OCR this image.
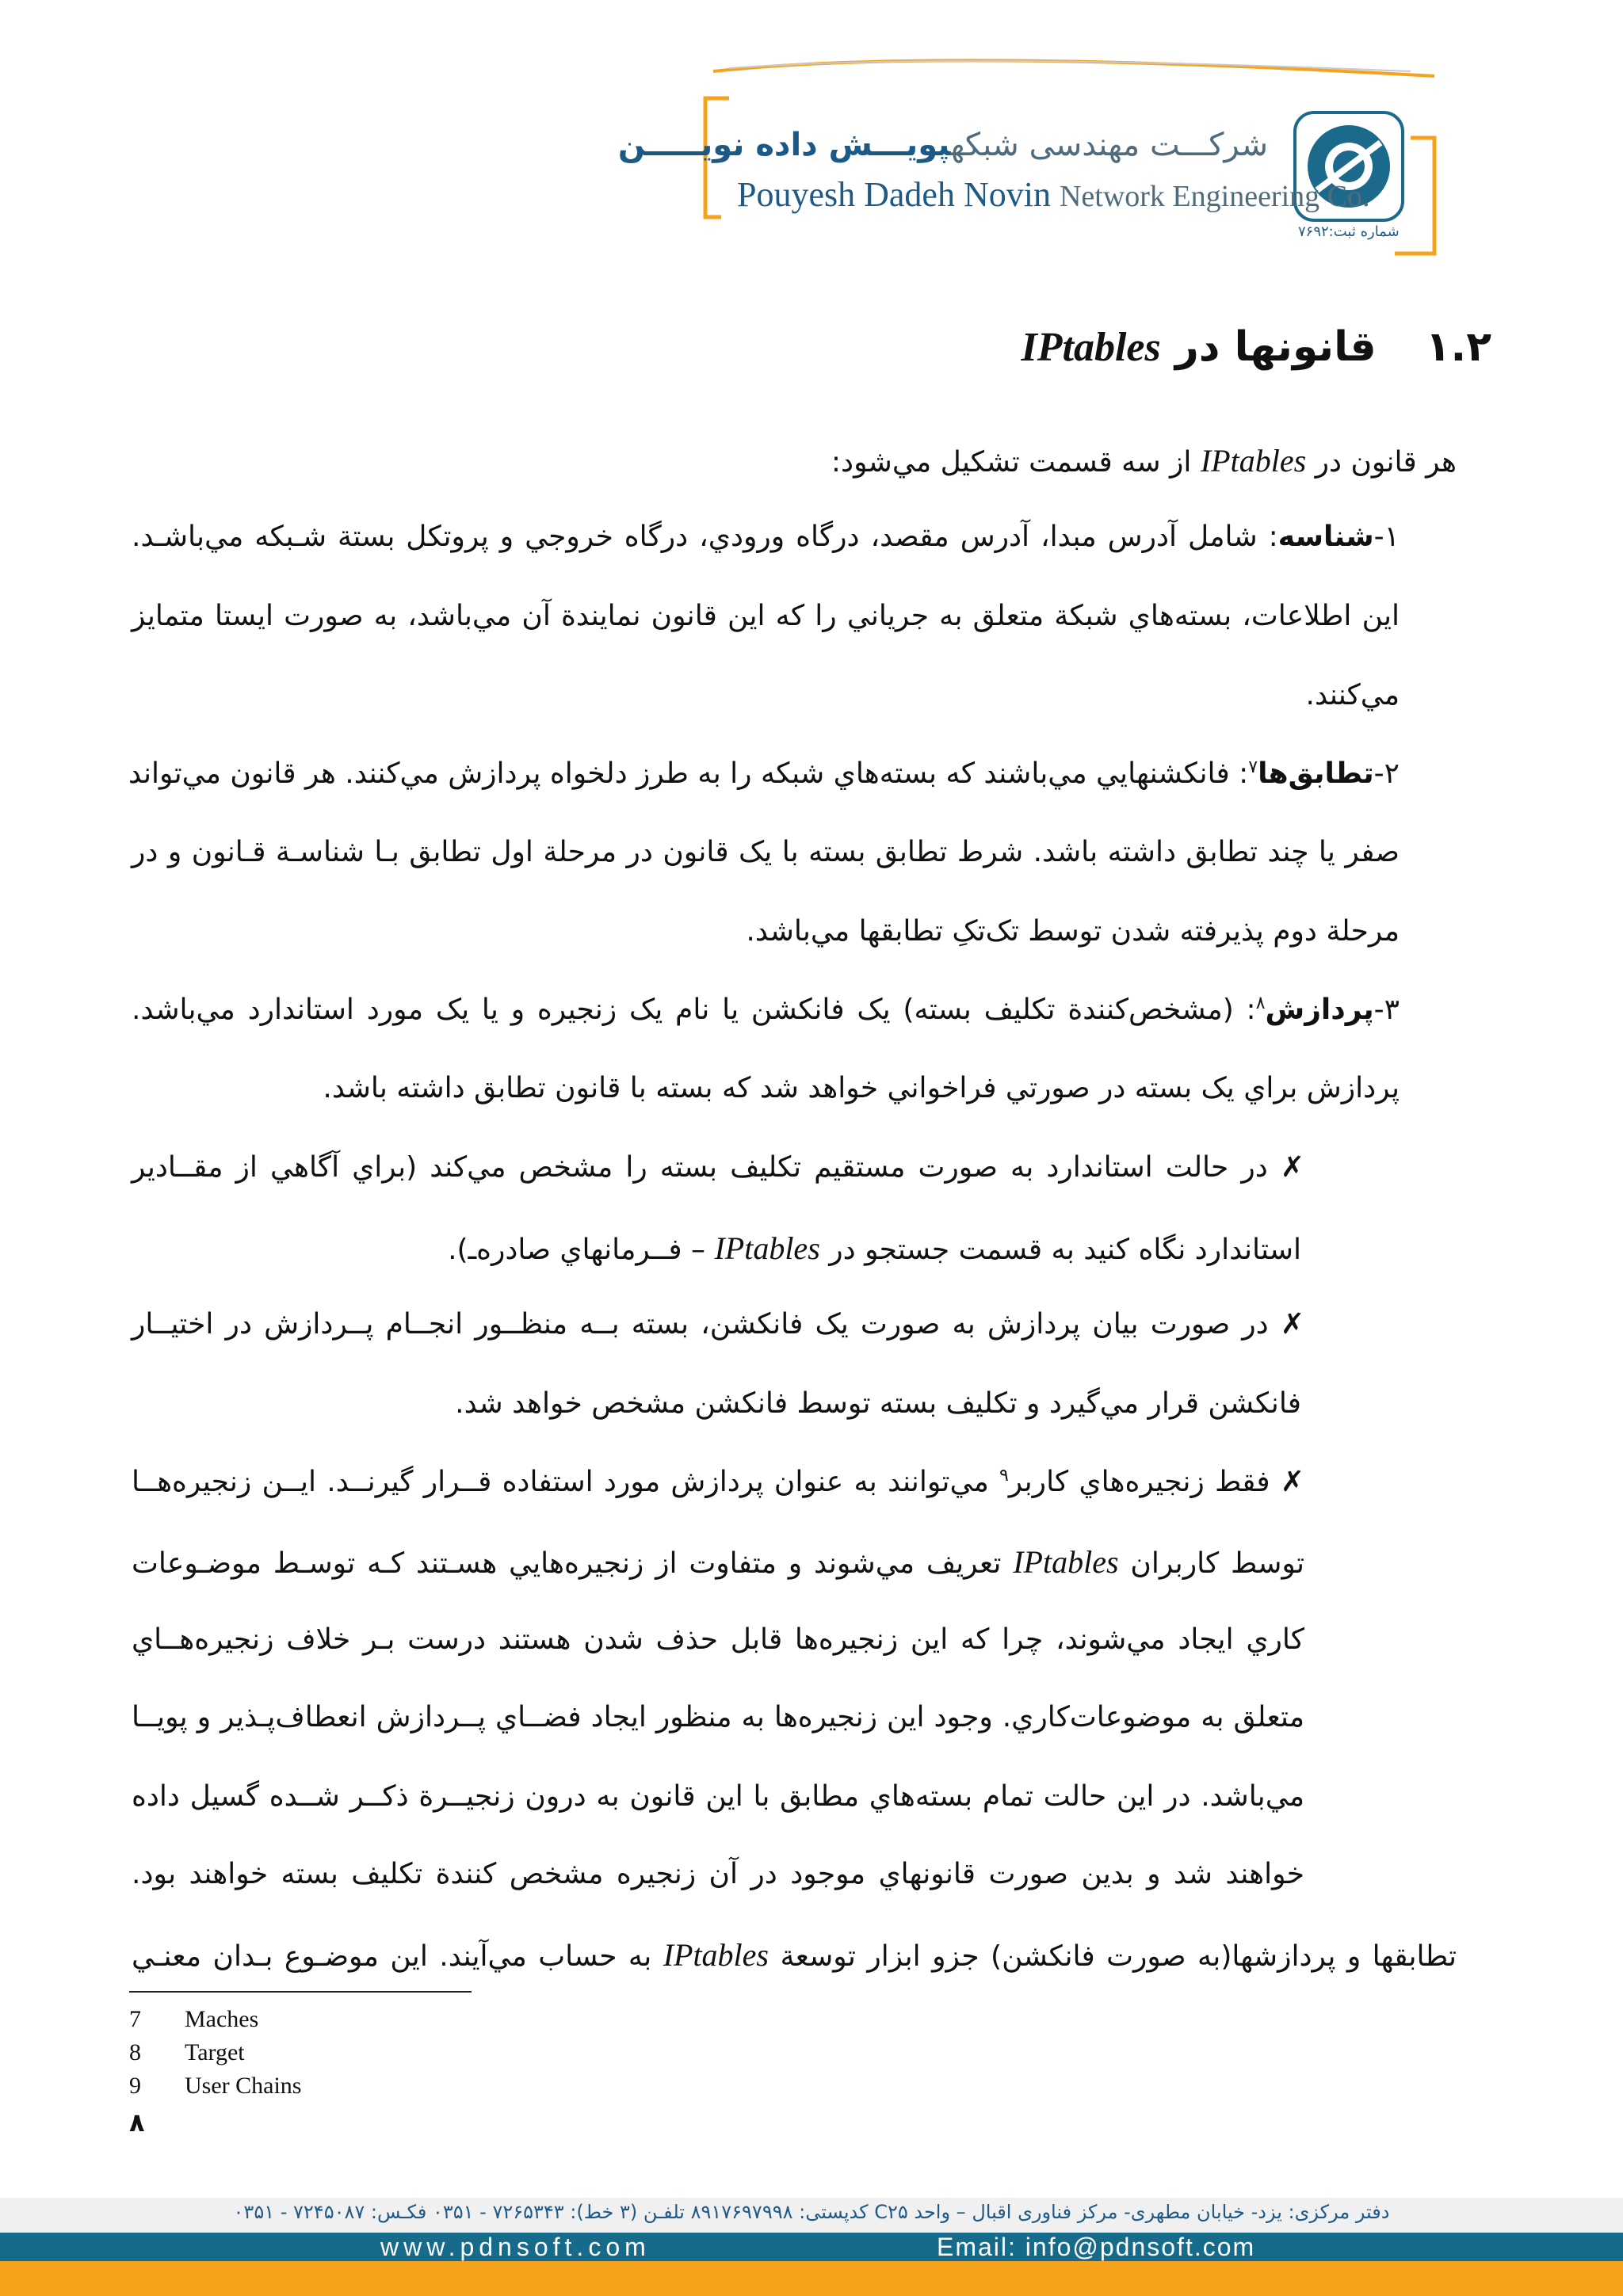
شرکـــت مهندسی شبکهپویـــش داده نویـــــن
Pouyesh Dadeh Novin Network Engineering Co.
شماره ثبت:۷۶۹۲
۱.۲ قانونها در IPtables
هر قانون در IPtables از سه قسمت تشکيل مي‌شود:
۱-شناسه: شامل آدرس مبدا، آدرس مقصد، درگاه ورودي، درگاه خروجي و پروتکل بستة شـبکه مي‌باشـد.
اين اطلاعات، بسته‌هاي شبکة متعلق به جرياني را که اين قانون نمايندة آن مي‌باشد، به صورت ايستا متمايز
مي‌کنند.
۲-تطابق‌ها$^۷$: فانکشنهايي مي‌باشند که بسته‌هاي شبکه را به طرز دلخواه پردازش مي‌کنند. هر قانون مي‌تواند
صفر يا چند تطابق داشته باشد. شرط تطابق بسته با يک قانون در مرحلة اول تطابق بـا شناسـة قـانون و در
مرحلة دوم پذيرفته شدن توسط تک‌تکِ تطابقها مي‌باشد.
۳-پردازش$^۸$: (مشخص‌کنندة تکليف بسته) يک فانکشن يا نام يک زنجيره و يا يک مورد استاندارد مي‌باشد.
پردازش براي يک بسته در صورتي فراخواني خواهد شد که بسته با قانون تطابق داشته باشد.
✗ در حالت استاندارد به صورت مستقيم تکليف بسته را مشخص مي‌کند (براي آگاهي از مقــادير
استاندارد نگاه کنيد به قسمت جستجو در IPtables – فــرمانهاي صادره‌ـ).
✗ در صورت بيان پردازش به صورت يک فانکشن، بسته بــه منظــور انجــام پــردازش در اختيــار
فانکشن قرار مي‌گيرد و تکليف بسته توسط فانکشن مشخص خواهد شد.
✗ فقط زنجيره‌هاي کاربر$^۹$ مي‌توانند به عنوان پردازش مورد استفاده قــرار گيرنــد. ايــن زنجيره‌هــا
توسط کاربران IPtables تعريف مي‌شوند و متفاوت از زنجيره‌هايي هسـتند کـه توسـط موضـوعات
کاري ايجاد مي‌شوند، چرا که اين زنجيره‌ها قابل حذف شدن هستند درست بـر خلاف زنجيره‌هــاي
متعلق به موضوعات‌کاري. وجود اين زنجيره‌ها به منظور ايجاد فضــاي پــردازش انعطاف‌پـذير و پويــا
مي‌باشد. در اين حالت تمام بسته‌هاي مطابق با اين قانون به درون زنجيــرة ذکــر شــده گسيل داده
خواهند شد و بدين صورت قانونهاي موجود در آن زنجيره مشخص کنندة تکليف بسته خواهند بود.
تطابقها و پردازشها(به صورت فانکشن) جزو ابزار توسعة IPtables به حساب مي‌آيند. اين موضـوع بـدان معنـي
7 Maches
8 Target
9 User Chains
۸
دفتر مرکزی: یزد- خیابان مطهری- مرکز فناوری اقبال – واحد C۲۵ کدپستی: ۸۹۱۷۶۹۷۹۹۸ تلفـن (۳ خط): ۷۲۶۵۳۴۳ - ۰۳۵۱ فکـس: ۷۲۴۵۰۸۷ - ۰۳۵۱
www.pdnsoft.com	Email: info@pdnsoft.com
